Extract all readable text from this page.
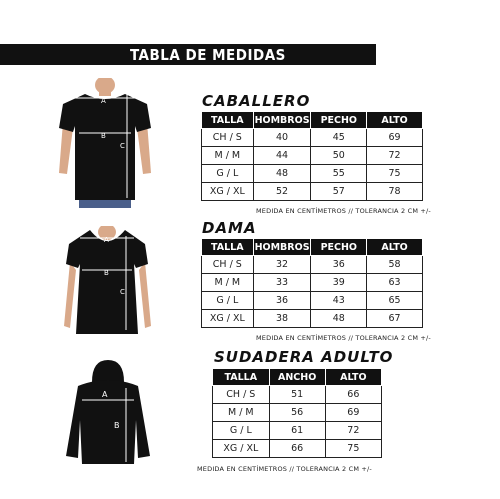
TABLA DE MEDIDAS
A
B
C
A
B
C
A
B
CABALLERO
TALLA	HOMBROS	PECHO	ALTO
CH / S	40	45	69
M / M	44	50	72
G / L	48	55	75
XG / XL	52	57	78
MEDIDA EN CENTÍMETROS // TOLERANCIA 2 CM +/-
DAMA
TALLA	HOMBROS	PECHO	ALTO
CH / S	32	36	58
M / M	33	39	63
G / L	36	43	65
XG / XL	38	48	67
MEDIDA EN CENTÍMETROS // TOLERANCIA 2 CM +/-
SUDADERA ADULTO
TALLA	ANCHO	ALTO
CH / S	51	66
M / M	56	69
G / L	61	72
XG / XL	66	75
MEDIDA EN CENTÍMETROS // TOLERANCIA 2 CM +/-
